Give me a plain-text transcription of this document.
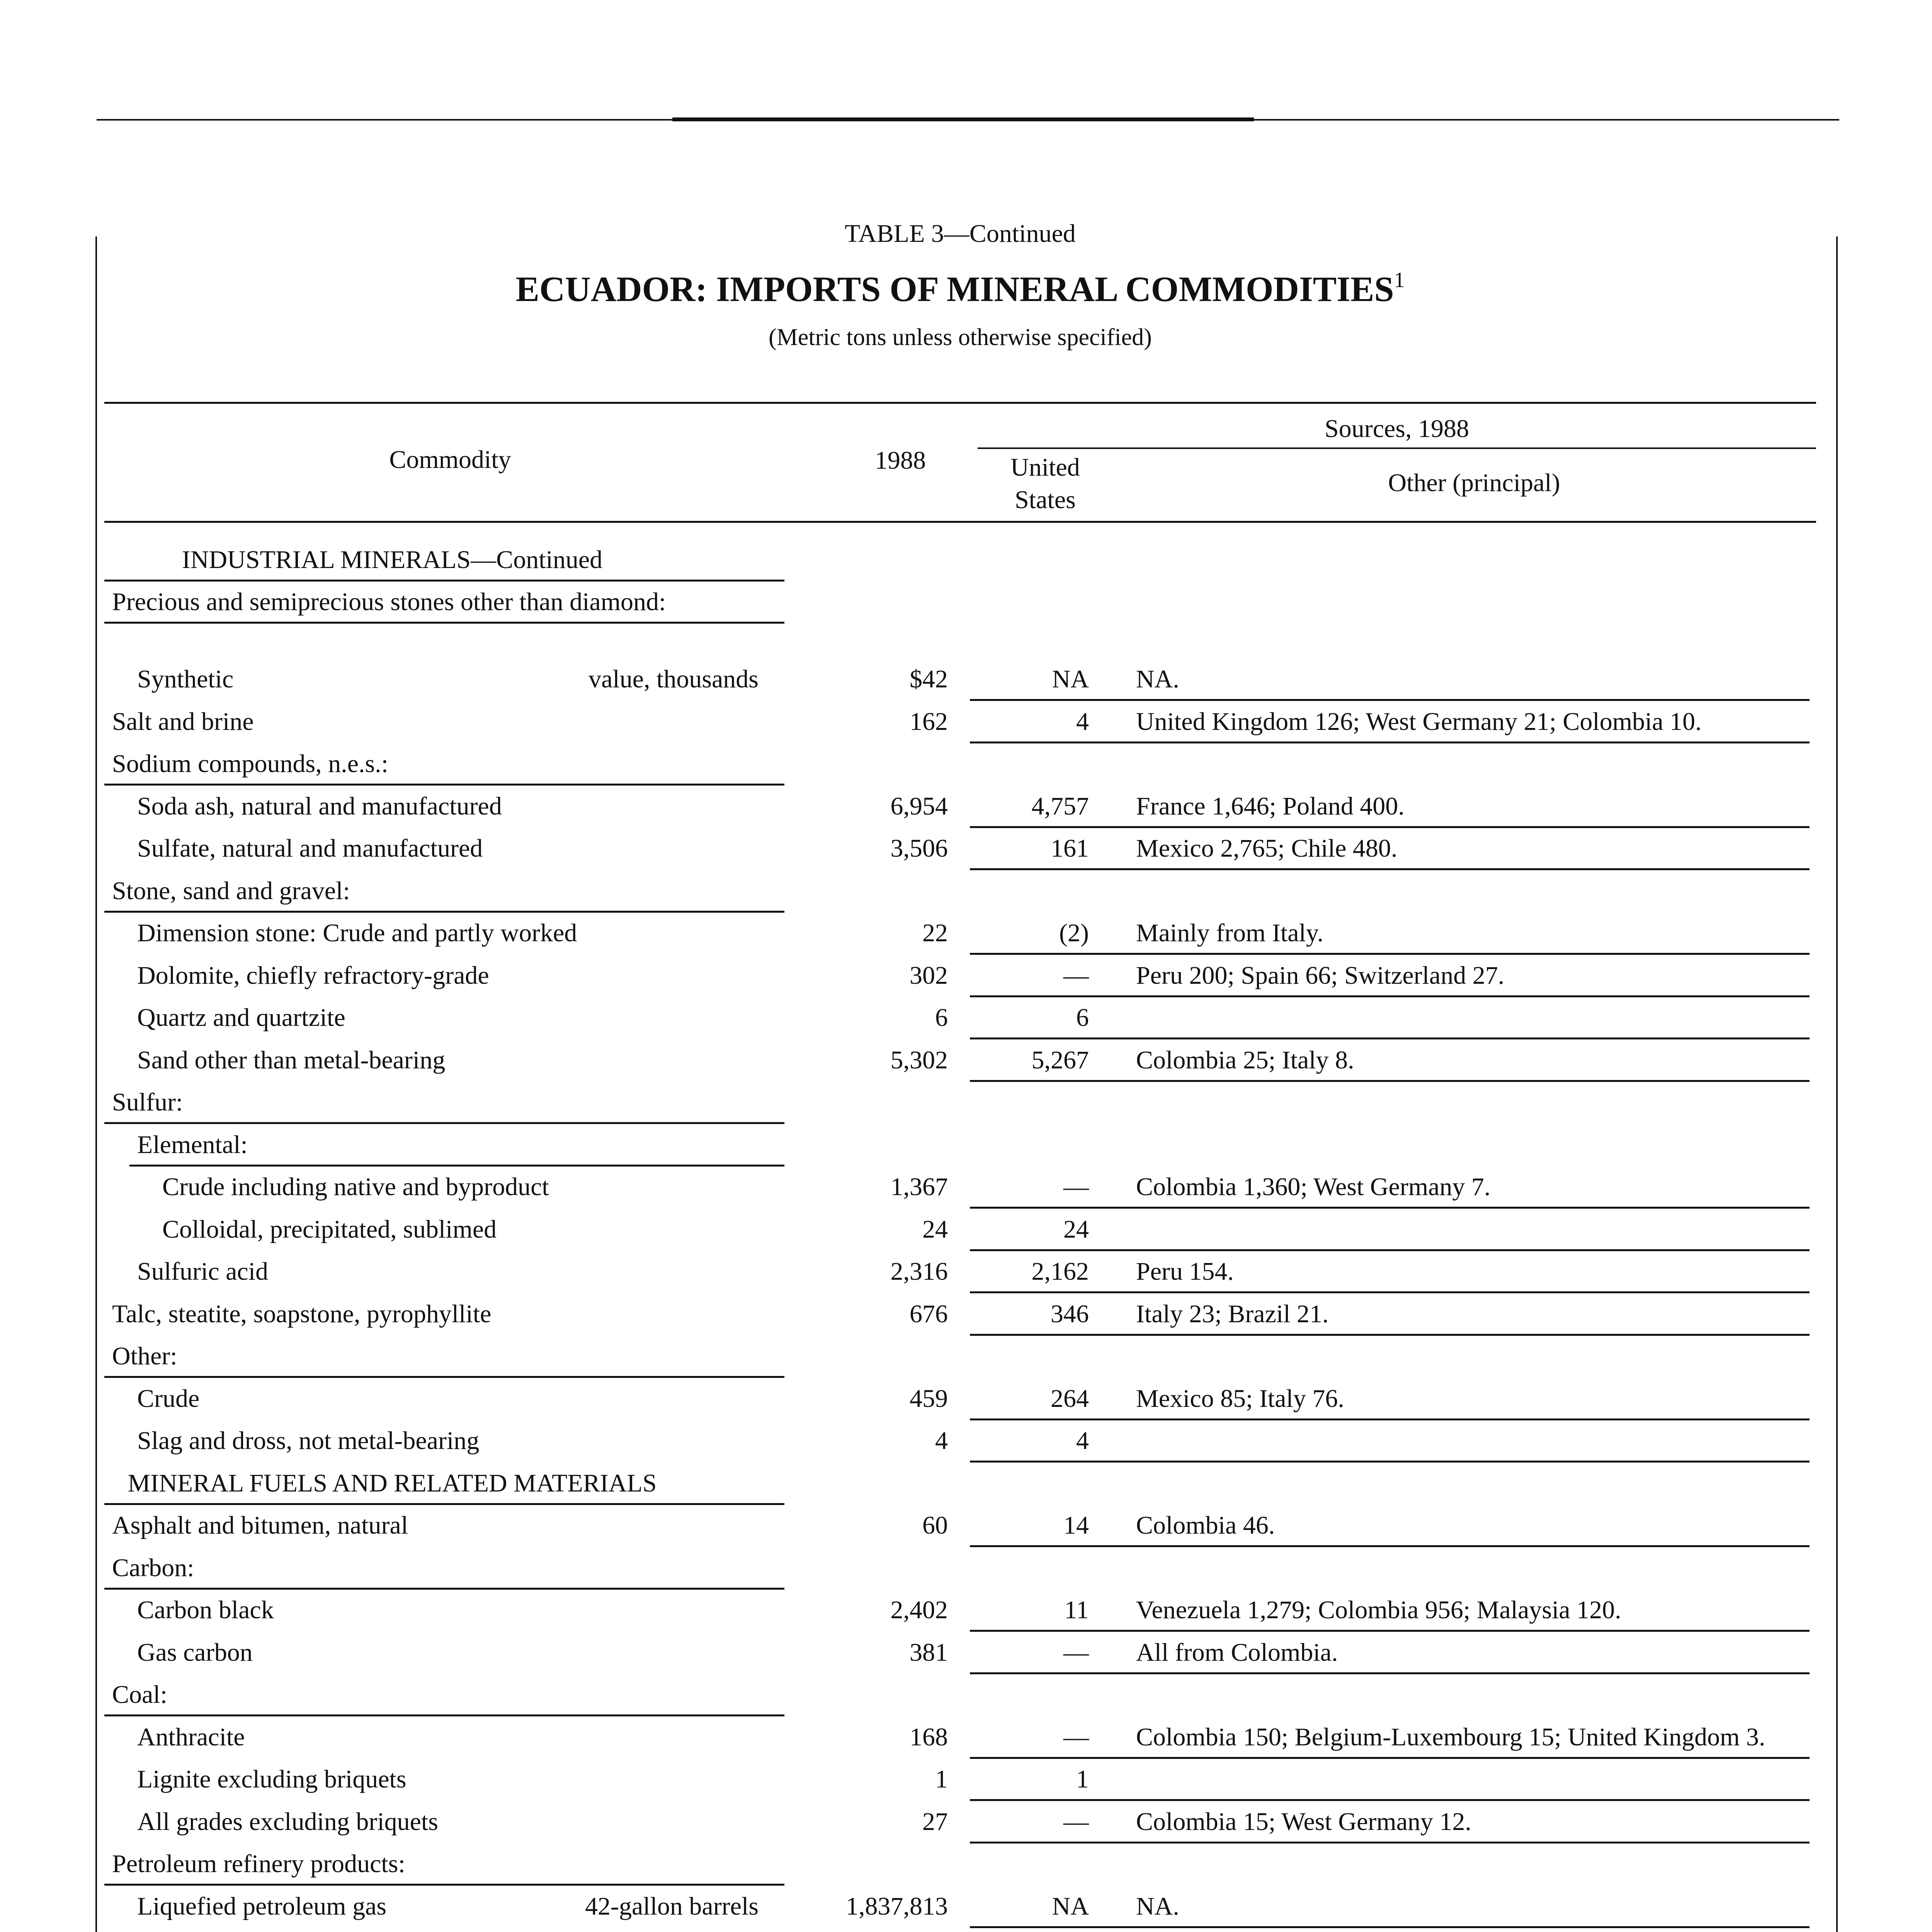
TABLE 3—Continued
ECUADOR: IMPORTS OF MINERAL COMMODITIES$^1$
(Metric tons unless otherwise specified)
Commodity	1988
Sources, 1988
United
States
Other (principal)
INDUSTRIAL MINERALS—Continued
Precious and semiprecious stones other than diamond:
Synthetic	value, thousands	$42	NA NA.
Salt and brine	162	4 United Kingdom 126; West Germany 21; Colombia 10.
Sodium compounds, n.e.s.:
Soda ash, natural and manufactured	6,954	4,757 France 1,646; Poland 400.
Sulfate, natural and manufactured	3,506	161 Mexico 2,765; Chile 480.
Stone, sand and gravel:
Dimension stone: Crude and partly worked	22	(2) Mainly from Italy.
Dolomite, chiefly refractory-grade	302	— Peru 200; Spain 66; Switzerland 27.
Quartz and quartzite	6	6
Sand other than metal-bearing	5,302	5,267 Colombia 25; Italy 8.
Sulfur:
Elemental:
Crude including native and byproduct	1,367	— Colombia 1,360; West Germany 7.
Colloidal, precipitated, sublimed	24	24
Sulfuric acid	2,316	2,162 Peru 154.
Talc, steatite, soapstone, pyrophyllite	676	346 Italy 23; Brazil 21.
Other:
Crude	459	264 Mexico 85; Italy 76.
Slag and dross, not metal-bearing	4	4
MINERAL FUELS AND RELATED MATERIALS
Asphalt and bitumen, natural	60	14 Colombia 46.
Carbon:
Carbon black	2,402	11 Venezuela 1,279; Colombia 956; Malaysia 120.
Gas carbon	381	— All from Colombia.
Coal:
Anthracite	168	— Colombia 150; Belgium-Luxembourg 15; United Kingdom 3.
Lignite excluding briquets	1	1
All grades excluding briquets	27	— Colombia 15; West Germany 12.
Petroleum refinery products:
Liquefied petroleum gas	42-gallon barrels	1,837,813	NA NA.
